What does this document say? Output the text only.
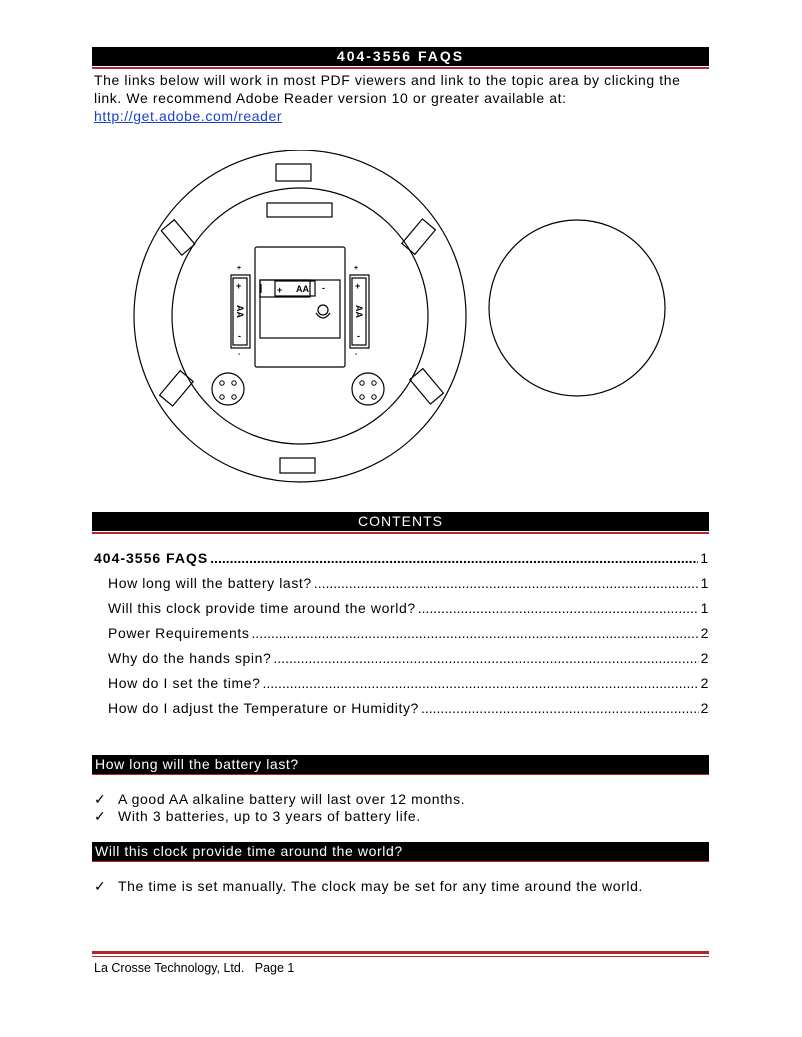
404-3556 FAQS
The links below will work in most PDF viewers and link to the topic area by clicking the link. We recommend Adobe Reader version 10 or greater available at:
http://get.adobe.com/reader
+ AA -
+
-
+
-
AA	AA
+	+
-	-
CONTENTS
404-3556 FAQS .....	1
How long will the battery last? .....	1
Will this clock provide time around the world? .....	1
Power Requirements .....	2
Why do the hands spin? .....	2
How do I set the time? .....	2
How do I adjust the Temperature or Humidity? .....	2
How long will the battery last?
✓ A good AA alkaline battery will last over 12 months.
✓ With 3 batteries, up to 3 years of battery life.
Will this clock provide time around the world?
✓ The time is set manually. The clock may be set for any time around the world.
La Crosse Technology, Ltd.   Page 1
